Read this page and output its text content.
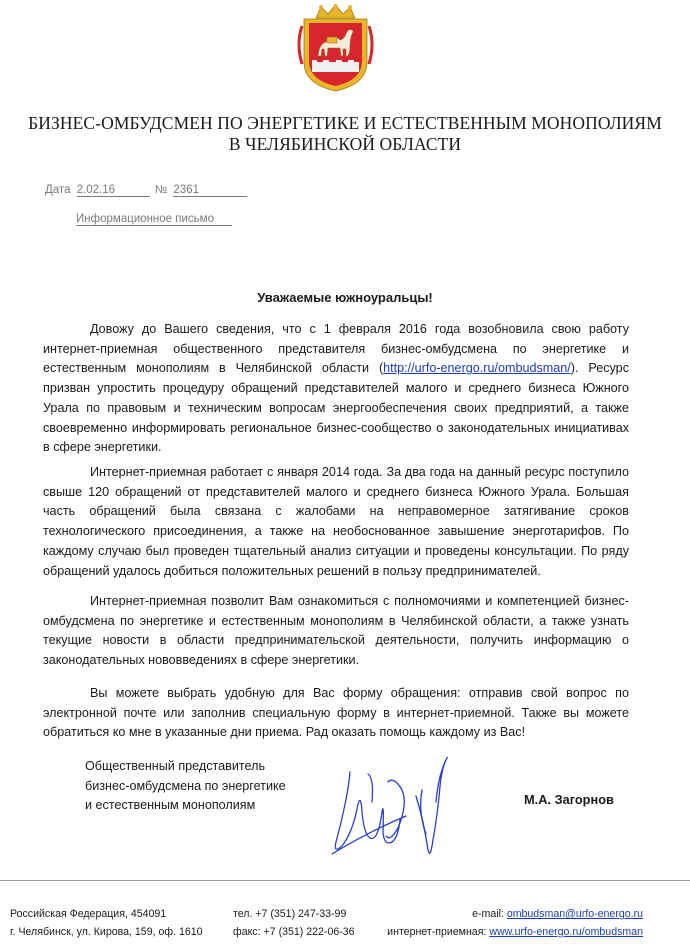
БИЗНЕС-ОМБУДСМЕН ПО ЭНЕРГЕТИКЕ И ЕСТЕСТВЕННЫМ МОНОПОЛИЯМ
В ЧЕЛЯБИНСКОЙ ОБЛАСТИ
Дата 2.02.16	№ 2361
Информационное письмо
Уважаемые южноуральцы!
Довожу до Вашего сведения, что с 1 февраля 2016 года возобновила свою работу интернет-приемная общественного представителя бизнес-омбудсмена по энергетике и естественным монополиям в Челябинской области (http://urfo-energo.ru/ombudsman/). Ресурс призван упростить процедуру обращений представителей малого и среднего бизнеса Южного Урала по правовым и техническим вопросам энергообеспечения своих предприятий, а также своевременно информировать региональное бизнес-сообщество о законодательных инициативах в сфере энергетики.
Интернет-приемная работает с января 2014 года. За два года на данный ресурс поступило свыше 120 обращений от представителей малого и среднего бизнеса Южного Урала. Большая часть обращений была связана с жалобами на неправомерное затягивание сроков технологического присоединения, а также на необоснованное завышение энерготарифов. По каждому случаю был проведен тщательный анализ ситуации и проведены консультации. По ряду обращений удалось добиться положительных решений в пользу предпринимателей.
Интернет-приемная позволит Вам ознакомиться с полномочиями и компетенцией бизнес-омбудсмена по энергетике и естественным монополиям в Челябинской области, а также узнать текущие новости в области предпринимательской деятельности, получить информацию о законодательных нововведениях в сфере энергетики.
Вы можете выбрать удобную для Вас форму обращения: отправив свой вопрос по электронной почте или заполнив специальную форму в интернет-приемной. Также вы можете обратиться ко мне в указанные дни приема. Рад оказать помощь каждому из Вас!
Общественный представитель
бизнес-омбудсмена по энергетике
и естественным монополиям	М.А. Загорнов
Российская Федерация, 454091
г. Челябинск, ул. Кирова, 159, оф. 1610
тел. +7 (351) 247-33-99
факс: +7 (351) 222-06-36
e-mail: ombudsman@urfo-energo.ru
интернет-приемная: www.urfo-energo.ru/ombudsman
